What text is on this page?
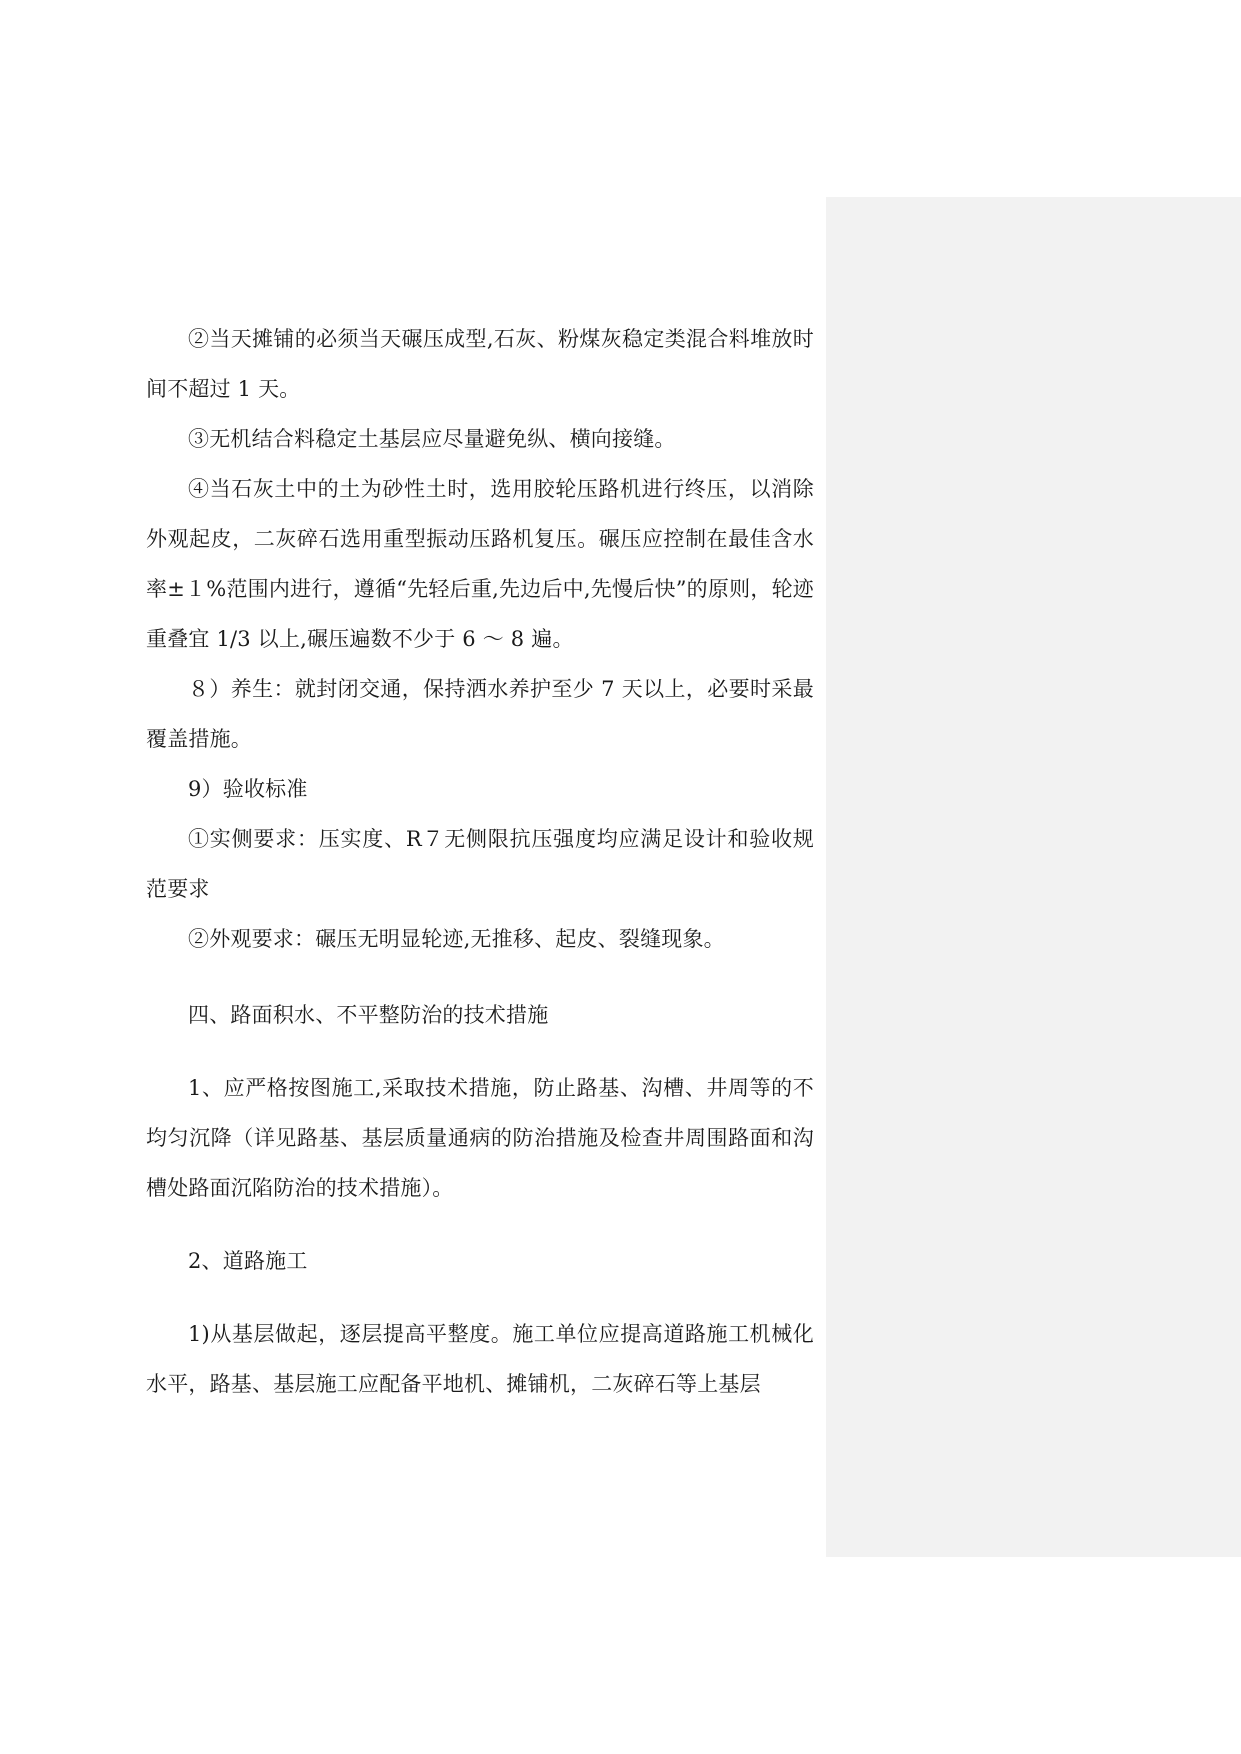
②当天摊铺的必须当天碾压成型,石灰、粉煤灰稳定类混合料堆放时间不超过 1 天。

③无机结合料稳定土基层应尽量避免纵、横向接缝。

④当石灰土中的土为砂性土时，选用胶轮压路机进行终压，以消除外观起皮，二灰碎石选用重型振动压路机复压。碾压应控制在最佳含水率±１%范围内进行，遵循“先轻后重,先边后中,先慢后快”的原则，轮迹重叠宜 1/3 以上,碾压遍数不少于 6 ～ 8 遍。

８）养生：就封闭交通，保持洒水养护至少 7 天以上，必要时采最覆盖措施。

9）验收标准

①实侧要求：压实度、R７无侧限抗压强度均应满足设计和验收规范要求

②外观要求：碾压无明显轮迹,无推移、起皮、裂缝现象。

四、路面积水、不平整防治的技术措施

1、应严格按图施工,采取技术措施，防止路基、沟槽、井周等的不均匀沉降（详见路基、基层质量通病的防治措施及检查井周围路面和沟槽处路面沉陷防治的技术措施）。

2、道路施工

1)从基层做起，逐层提高平整度。施工单位应提高道路施工机械化水平，路基、基层施工应配备平地机、摊铺机，二灰碎石等上基层
